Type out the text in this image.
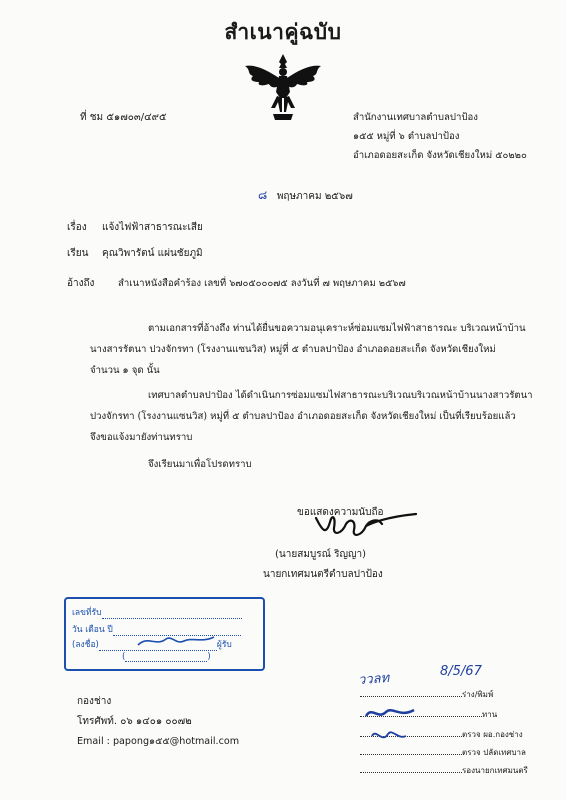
สำเนาคู่ฉบับ
ที่ ชม ๕๑๗๐๓/๔๙๕	สำนักงานเทศบาลตำบลปาป้อง
๑๕๕ หมู่ที่ ๖ ตำบลปาป้อง
อำเภอดอยสะเก็ด จังหวัดเชียงใหม่ ๕๐๒๒๐
๘ พฤษภาคม ๒๕๖๗
เรื่อง แจ้งไฟฟ้าสาธารณะเสีย
เรียน คุณวิพารัตน์ แผ่นชัยภูมิ
อ้างถึง สำเนาหนังสือคำร้อง เลขที่ ๖๗๐๕๐๐๐๗๕ ลงวันที่ ๗ พฤษภาคม ๒๕๖๗
ตามเอกสารที่อ้างถึง ท่านได้ยื่นขอความอนุเคราะห์ซ่อมแซมไฟฟ้าสาธารณะ บริเวณหน้าบ้าน
นางสารรัตนา ปวงจักรทา (โรงงานแซนวิส) หมู่ที่ ๕ ตำบลปาป้อง อำเภอดอยสะเก็ด จังหวัดเชียงใหม่
จำนวน ๑ จุด นั้น
เทศบาลตำบลปาป้อง ได้ดำเนินการซ่อมแซมไฟสาธารณะบริเวณบริเวณหน้าบ้านนางสาวรัตนา
ปวงจักรทา (โรงงานแซนวิส) หมู่ที่ ๕ ตำบลปาป้อง อำเภอดอยสะเก็ด จังหวัดเชียงใหม่ เป็นที่เรียบร้อยแล้ว
จึงขอแจ้งมายังท่านทราบ
จึงเรียนมาเพื่อโปรดทราบ
ขอแสดงความนับถือ
(นายสมบูรณ์ ริญญา)
นายกเทศมนตรีตำบลปาป้อง
เลขที่รับ
วัน เดือน ปี
(ลงชื่อ)	ผู้รับ
(	)
กองช่าง
โทรศัพท์. ๐๖ ๑๔๐๑ ๐๐๗๒
Email : papong๑๕๕@hotmail.com
ววลท	8/5/67
ร่าง/พิมพ์
ทาน
ตรวจ ผอ.กองช่าง
ตรวจ ปลัดเทศบาล
รองนายกเทศมนตรี
